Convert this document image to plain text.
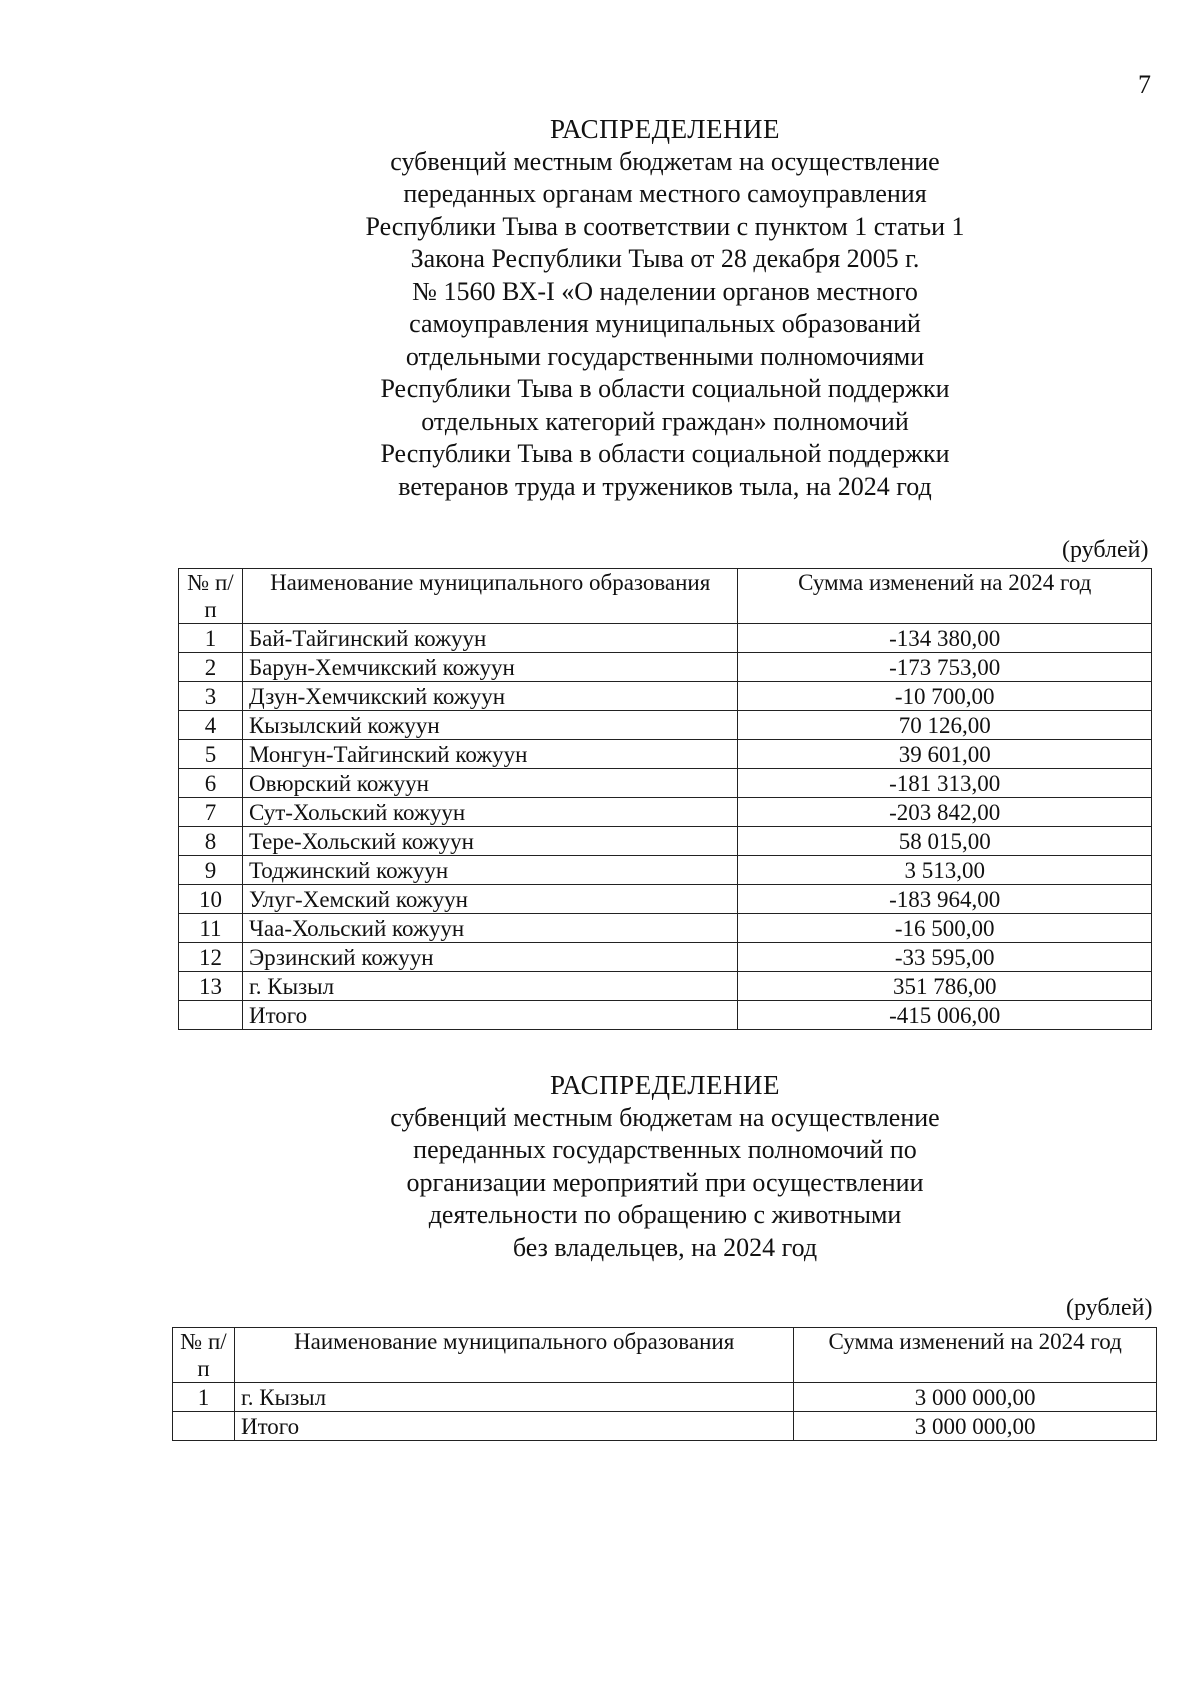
7
РАСПРЕДЕЛЕНИЕ
субвенций местным бюджетам на осуществление
переданных органам местного самоуправления
Республики Тыва в соответствии с пунктом 1 статьи 1
Закона Республики Тыва от 28 декабря 2005 г.
№ 1560 ВХ-I «О наделении органов местного
самоуправления муниципальных образований
отдельными государственными полномочиями
Республики Тыва в области социальной поддержки
отдельных категорий граждан» полномочий
Республики Тыва в области социальной поддержки
ветеранов труда и тружеников тыла, на 2024 год
(рублей)
№ п/п	Наименование муниципального образования	Сумма изменений на 2024 год
1	Бай-Тайгинский кожуун	-134 380,00
2	Барун-Хемчикский кожуун	-173 753,00
3	Дзун-Хемчикский кожуун	-10 700,00
4	Кызылский кожуун	70 126,00
5	Монгун-Тайгинский кожуун	39 601,00
6	Овюрский кожуун	-181 313,00
7	Сут-Хольский кожуун	-203 842,00
8	Тере-Хольский кожуун	58 015,00
9	Тоджинский кожуун	3 513,00
10	Улуг-Хемский кожуун	-183 964,00
11	Чаа-Хольский кожуун	-16 500,00
12	Эрзинский кожуун	-33 595,00
13	г. Кызыл	351 786,00
	Итого	-415 006,00
РАСПРЕДЕЛЕНИЕ
субвенций местным бюджетам на осуществление
переданных государственных полномочий по
организации мероприятий при осуществлении
деятельности по обращению с животными
без владельцев, на 2024 год
(рублей)
№ п/п	Наименование муниципального образования	Сумма изменений на 2024 год
1	г. Кызыл	3 000 000,00
	Итого	3 000 000,00
